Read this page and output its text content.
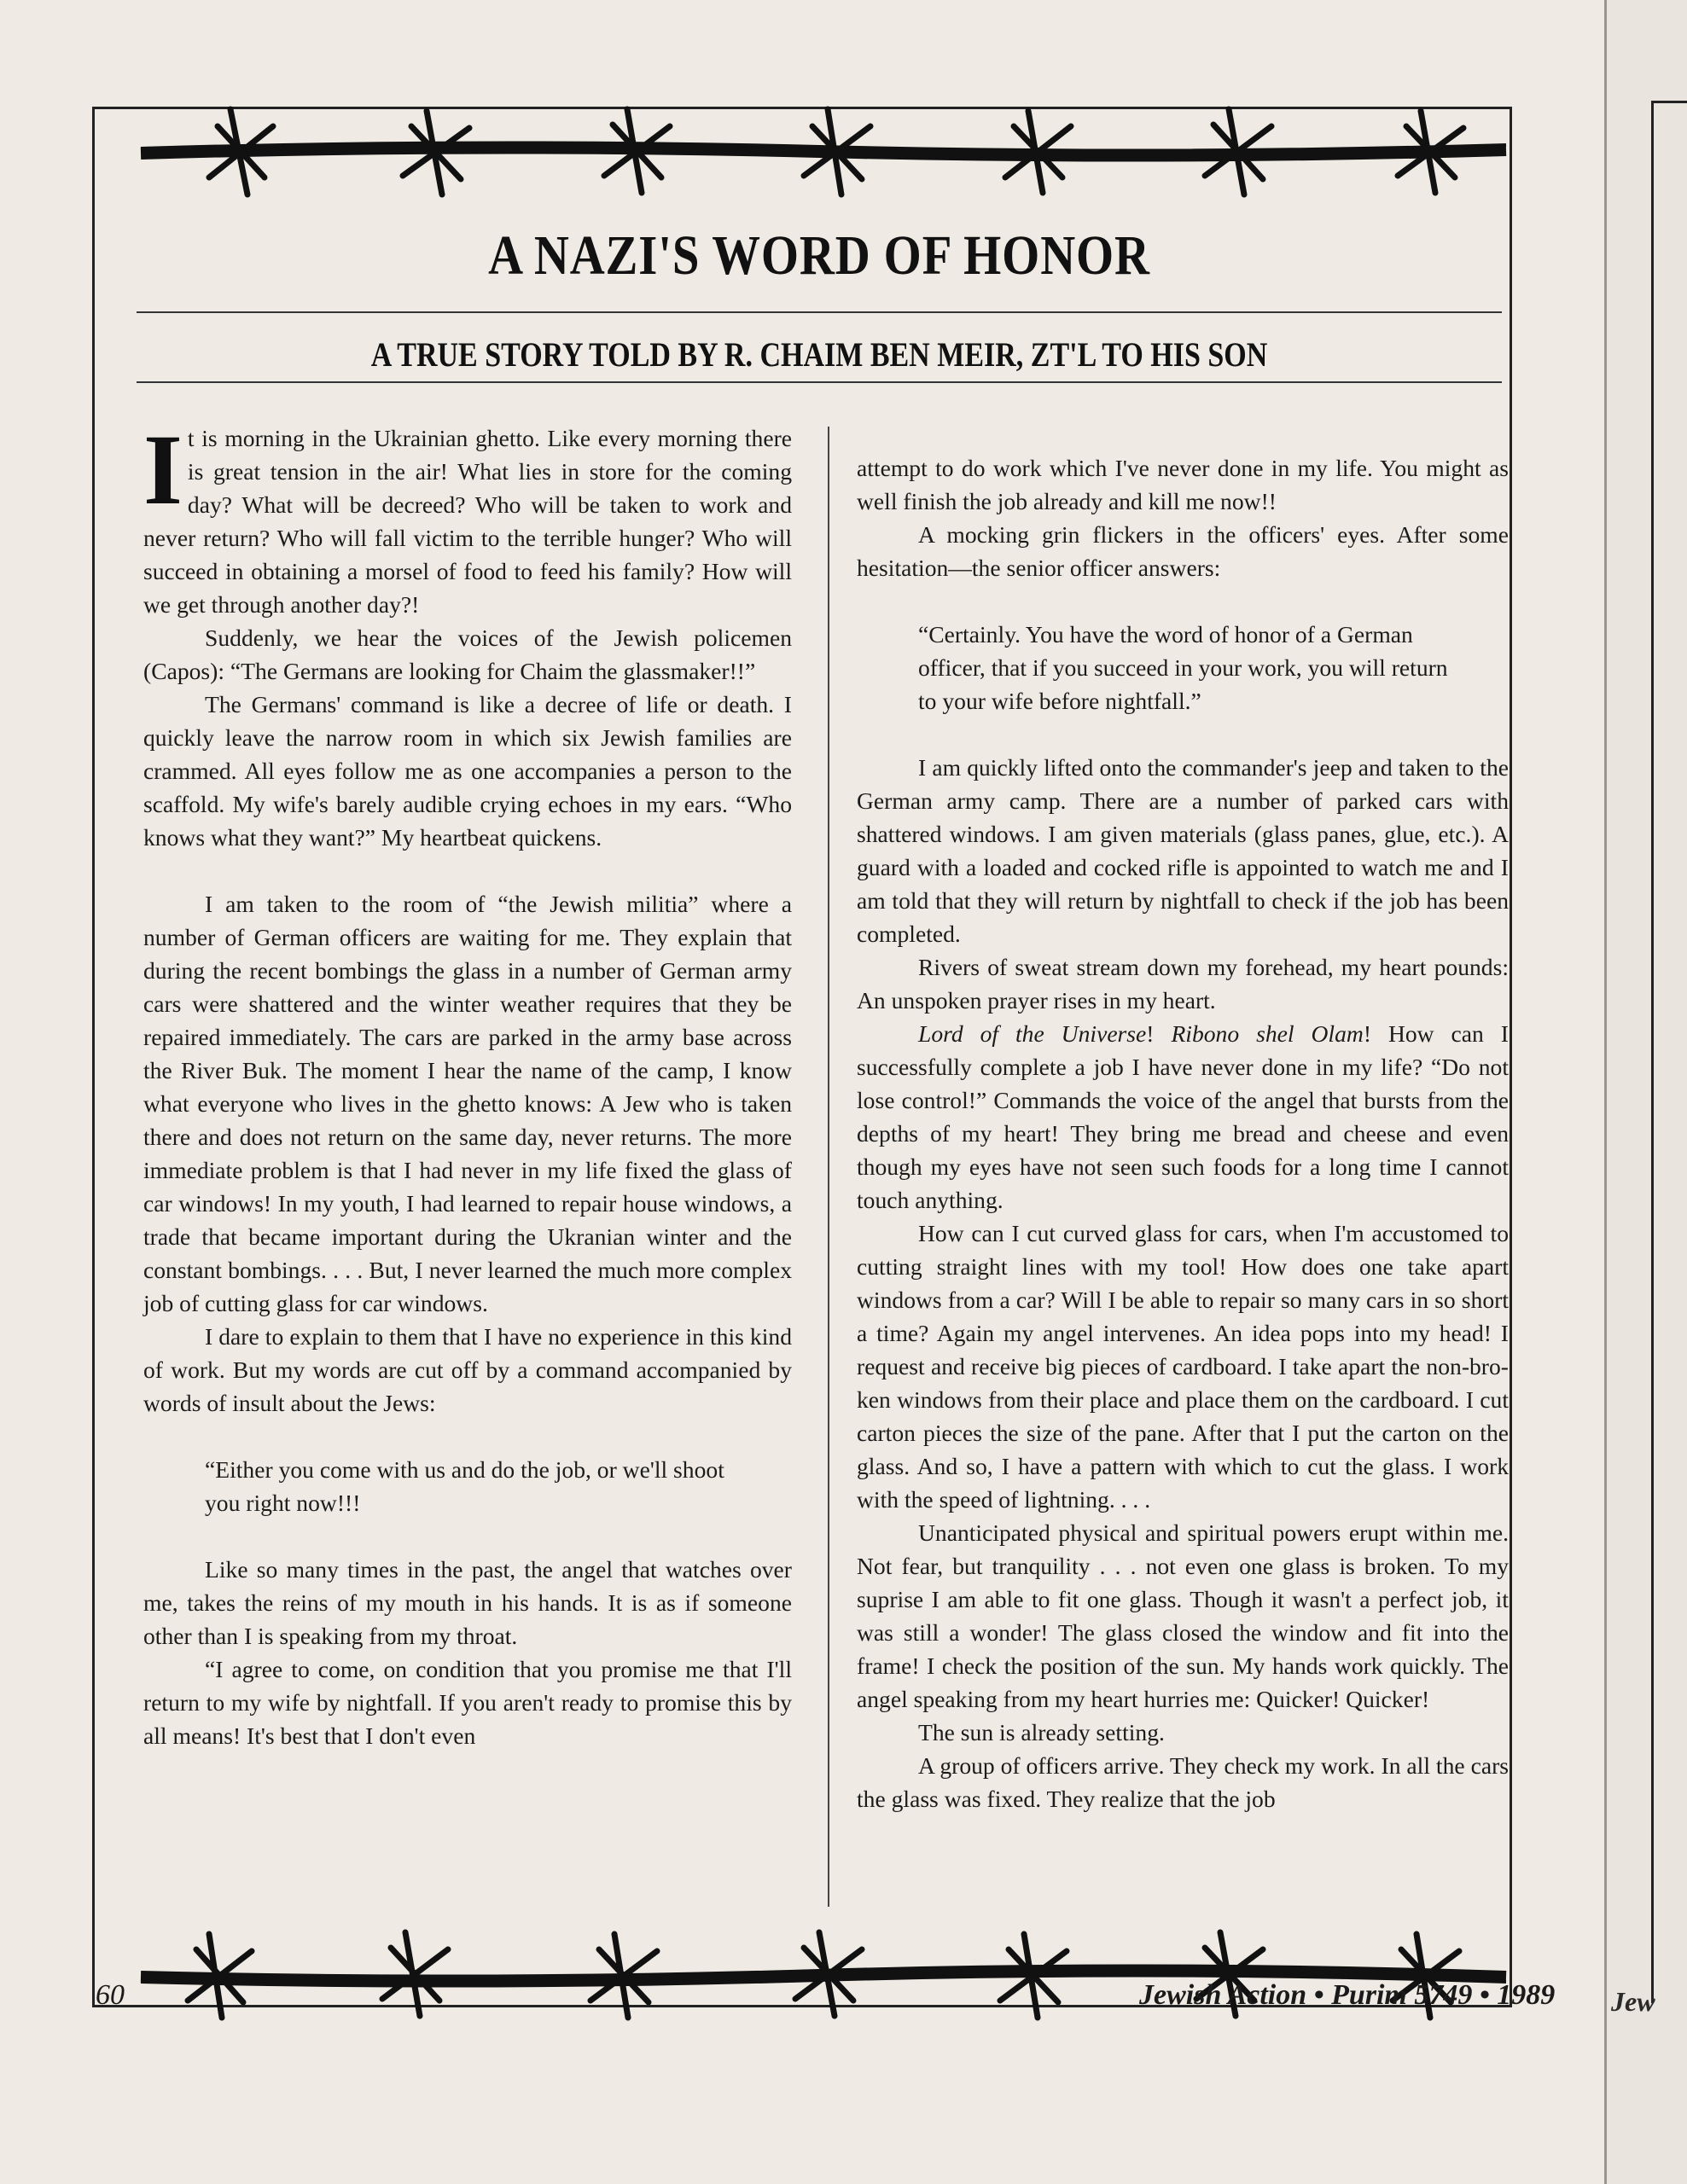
Jew
A NAZI'S WORD OF HONOR
A TRUE STORY TOLD BY R. CHAIM BEN MEIR, ZT'L TO HIS SON

It is morning in the Ukrainian ghetto. Like every morning there is great tension in the air! What lies in store for the coming day? What will be decreed? Who will be taken to work and never return? Who will fall victim to the terrible hunger? Who will succeed in obtaining a morsel of food to feed his family? How will we get through another day?!

Suddenly, we hear the voices of the Jewish policemen (Capos): “The Germans are looking for Chaim the glassmaker!!”

The Germans' command is like a decree of life or death. I quickly leave the narrow room in which six Jewish families are crammed. All eyes follow me as one accompanies a person to the scaffold. My wife's barely audible crying echoes in my ears. “Who knows what they want?” My heartbeat quickens.

I am taken to the room of “the Jewish militia” where a number of German officers are waiting for me. They explain that during the recent bombings the glass in a number of German army cars were shattered and the winter weather requires that they be repaired immediately. The cars are parked in the army base across the River Buk. The moment I hear the name of the camp, I know what everyone who lives in the ghetto knows: A Jew who is taken there and does not return on the same day, never returns. The more immediate problem is that I had never in my life fixed the glass of car windows! In my youth, I had learned to repair house windows, a trade that became important during the Ukranian winter and the constant bombings. . . . But, I never learned the much more complex job of cutting glass for car windows.

I dare to explain to them that I have no experience in this kind of work. But my words are cut off by a command accompanied by words of insult about the Jews:

“Either you come with us and do the job, or we'll shoot you right now!!!

Like so many times in the past, the angel that watches over me, takes the reins of my mouth in his hands. It is as if someone other than I is speaking from my throat.

“I agree to come, on condition that you promise me that I'll return to my wife by nightfall. If you aren't ready to promise this by all means! It's best that I don't even

attempt to do work which I've never done in my life. You might as well finish the job already and kill me now!!

A mocking grin flickers in the officers' eyes. After some hesitation—the senior officer answers:

“Certainly. You have the word of honor of a German officer, that if you succeed in your work, you will return to your wife before nightfall.”

I am quickly lifted onto the commander's jeep and taken to the German army camp. There are a number of parked cars with shattered windows. I am given materials (glass panes, glue, etc.). A guard with a loaded and cocked rifle is appointed to watch me and I am told that they will return by nightfall to check if the job has been completed.

Rivers of sweat stream down my forehead, my heart pounds: An unspoken prayer rises in my heart.

Lord of the Universe! Ribono shel Olam! How can I successfully complete a job I have never done in my life? “Do not lose control!” Commands the voice of the angel that bursts from the depths of my heart! They bring me bread and cheese and even though my eyes have not seen such foods for a long time I cannot touch anything.

How can I cut curved glass for cars, when I'm accustomed to cutting straight lines with my tool! How does one take apart windows from a car? Will I be able to repair so many cars in so short a time? Again my angel intervenes. An idea pops into my head! I request and receive big pieces of cardboard. I take apart the non-broken windows from their place and place them on the cardboard. I cut carton pieces the size of the pane. After that I put the carton on the glass. And so, I have a pattern with which to cut the glass. I work with the speed of lightning. . . .

Unanticipated physical and spiritual powers erupt within me. Not fear, but tranquility . . . not even one glass is broken. To my suprise I am able to fit one glass. Though it wasn't a perfect job, it was still a wonder! The glass closed the window and fit into the frame! I check the position of the sun. My hands work quickly. The angel speaking from my heart hurries me: Quicker! Quicker!

The sun is already setting.

A group of officers arrive. They check my work. In all the cars the glass was fixed. They realize that the job

60	Jewish Action • Purim 5749 • 1989
